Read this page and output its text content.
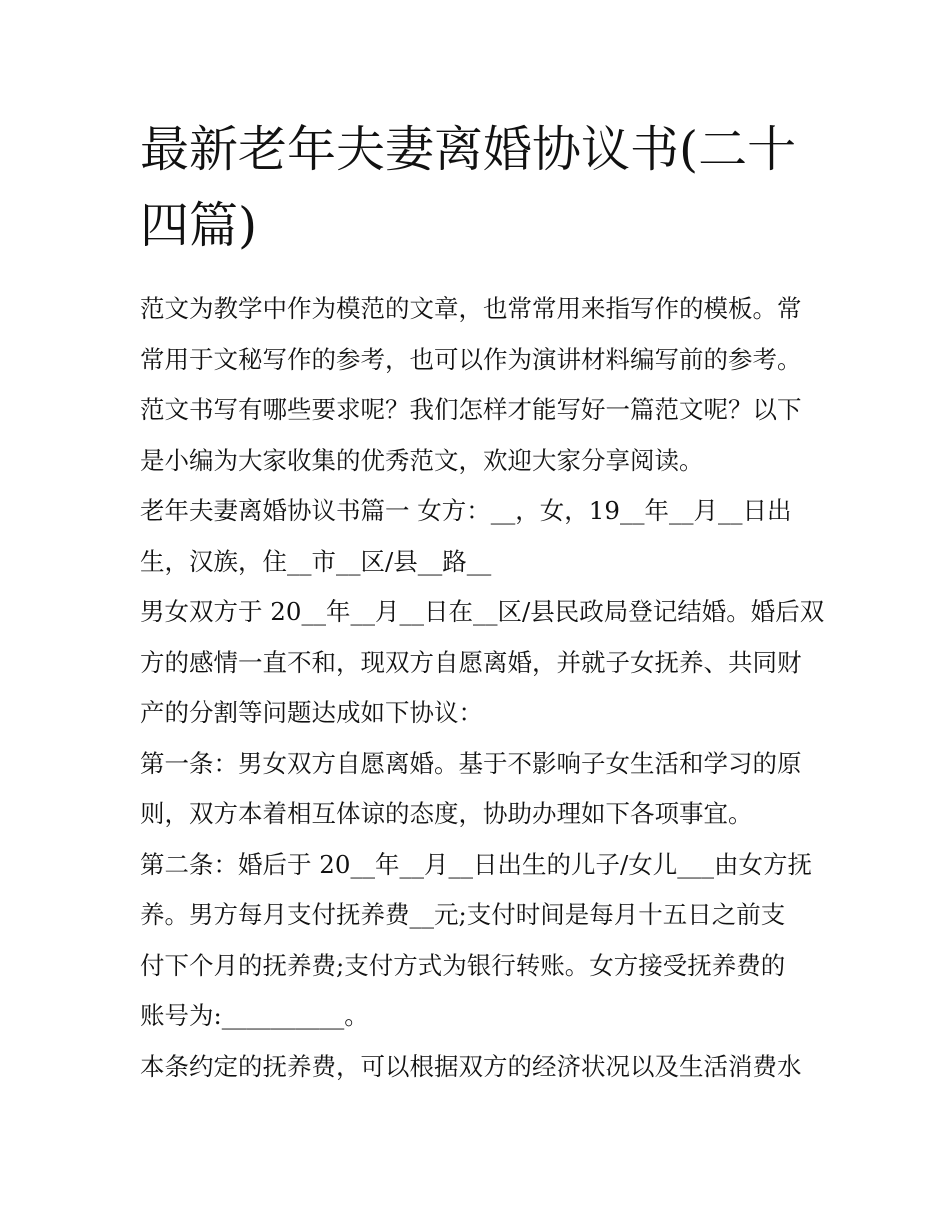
最新老年夫妻离婚协议书(二十
四篇)

范文为教学中作为模范的文章，也常常用来指写作的模板。常
常用于文秘写作的参考，也可以作为演讲材料编写前的参考。
范文书写有哪些要求呢？我们怎样才能写好一篇范文呢？以下
是小编为大家收集的优秀范文，欢迎大家分享阅读。

老年夫妻离婚协议书篇一 女方：__，女，19__年__月__日出
生，汉族，住__市__区/县__路__

男女双方于 20__年__月__日在__区/县民政局登记结婚。婚后双
方的感情一直不和，现双方自愿离婚，并就子女抚养、共同财
产的分割等问题达成如下协议：

第一条：男女双方自愿离婚。基于不影响子女生活和学习的原
则，双方本着相互体谅的态度，协助办理如下各项事宜。

第二条：婚后于 20__年__月__日出生的儿子/女儿___由女方抚
养。男方每月支付抚养费__元;支付时间是每月十五日之前支
付下个月的抚养费;支付方式为银行转账。女方接受抚养费的
账号为:__________。

本条约定的抚养费，可以根据双方的经济状况以及生活消费水
